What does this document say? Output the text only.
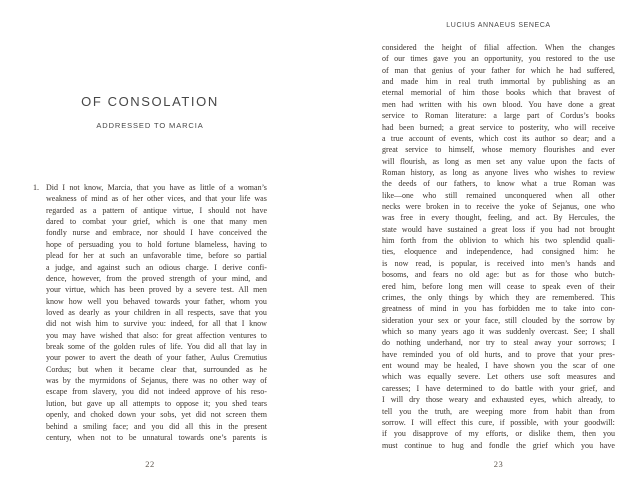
OF CONSOLATION
ADDRESSED TO MARCIA
1. Did I not know, Marcia, that you have as little of a woman’s
weakness of mind as of her other vices, and that your life was
regarded as a pattern of antique virtue, I should not have
dared to combat your grief, which is one that many men
fondly nurse and embrace, nor should I have conceived the
hope of persuading you to hold fortune blameless, having to
plead for her at such an unfavorable time, before so partial
a judge, and against such an odious charge. I derive confi-
dence, however, from the proved strength of your mind, and
your virtue, which has been proved by a severe test. All men
know how well you behaved towards your father, whom you
loved as dearly as your children in all respects, save that you
did not wish him to survive you: indeed, for all that I know
you may have wished that also: for great affection ventures to
break some of the golden rules of life. You did all that lay in
your power to avert the death of your father, Aulus Cremutius
Cordus; but when it became clear that, surrounded as he
was by the myrmidons of Sejanus, there was no other way of
escape from slavery, you did not indeed approve of his reso-
lution, but gave up all attempts to oppose it; you shed tears
openly, and choked down your sobs, yet did not screen them
behind a smiling face; and you did all this in the present
century, when not to be unnatural towards one’s parents is
22
LUCIUS ANNAEUS SENECA
considered the height of filial affection. When the changes
of our times gave you an opportunity, you restored to the use
of man that genius of your father for which he had suffered,
and made him in real truth immortal by publishing as an
eternal memorial of him those books which that bravest of
men had written with his own blood. You have done a great
service to Roman literature: a large part of Cordus’s books
had been burned; a great service to posterity, who will receive
a true account of events, which cost its author so dear; and a
great service to himself, whose memory flourishes and ever
will flourish, as long as men set any value upon the facts of
Roman history, as long as anyone lives who wishes to review
the deeds of our fathers, to know what a true Roman was
like—one who still remained unconquered when all other
necks were broken in to receive the yoke of Sejanus, one who
was free in every thought, feeling, and act. By Hercules, the
state would have sustained a great loss if you had not brought
him forth from the oblivion to which his two splendid quali-
ties, eloquence and independence, had consigned him: he
is now read, is popular, is received into men’s hands and
bosoms, and fears no old age: but as for those who butch-
ered him, before long men will cease to speak even of their
crimes, the only things by which they are remembered. This
greatness of mind in you has forbidden me to take into con-
sideration your sex or your face, still clouded by the sorrow by
which so many years ago it was suddenly overcast. See; I shall
do nothing underhand, nor try to steal away your sorrows; I
have reminded you of old hurts, and to prove that your pres-
ent wound may be healed, I have shown you the scar of one
which was equally severe. Let others use soft measures and
caresses; I have determined to do battle with your grief, and
I will dry those weary and exhausted eyes, which already, to
tell you the truth, are weeping more from habit than from
sorrow. I will effect this cure, if possible, with your goodwill:
if you disapprove of my efforts, or dislike them, then you
must continue to hug and fondle the grief which you have
23
